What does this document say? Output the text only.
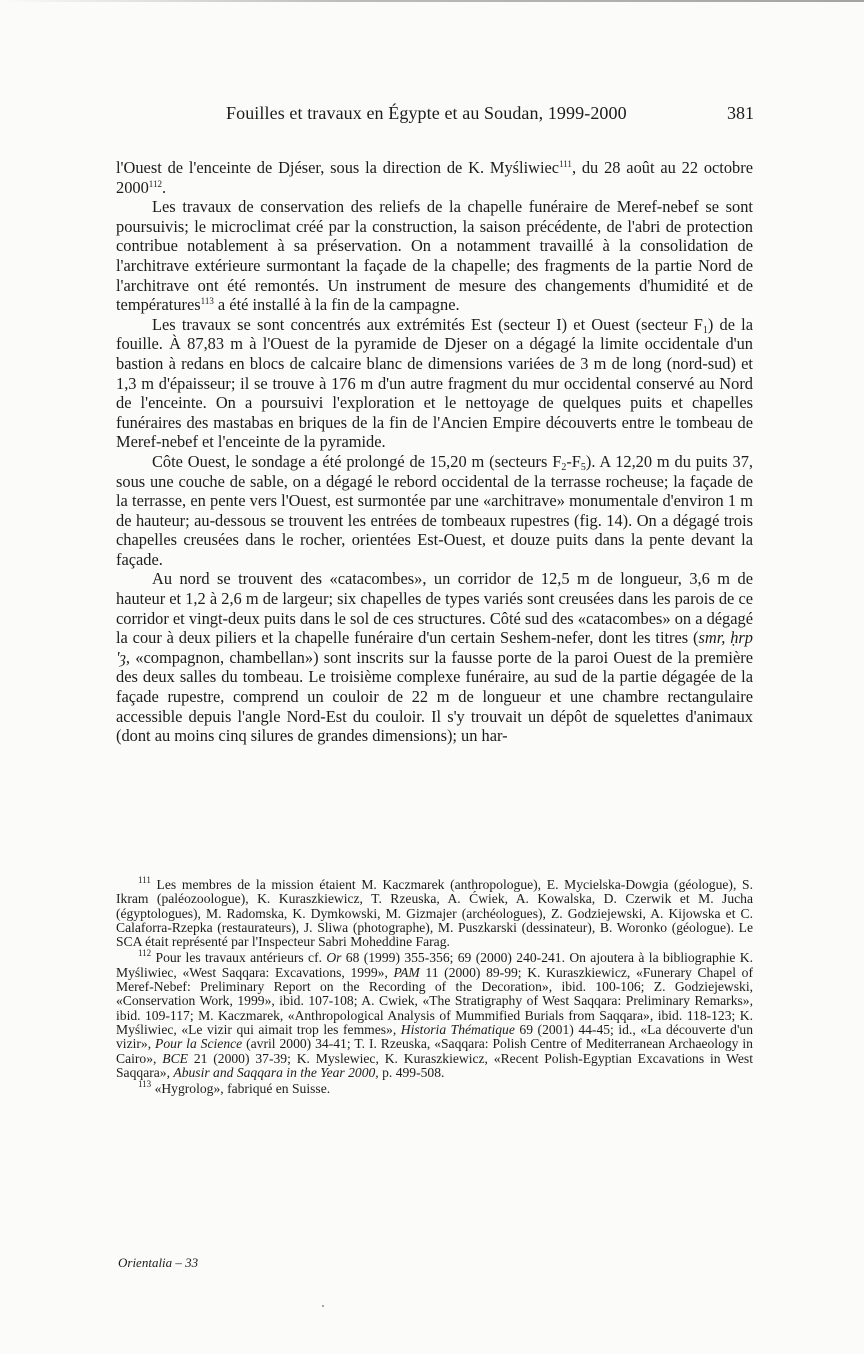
Fouilles et travaux en Égypte et au Soudan, 1999-2000	381

l'Ouest de l'enceinte de Djéser, sous la direction de K. Myśliwiec$^{111}$, du 28 août au 22 octobre 2000$^{112}$.

Les travaux de conservation des reliefs de la chapelle funéraire de Meref-nebef se sont poursuivis; le microclimat créé par la construction, la saison précédente, de l'abri de protection contribue notablement à sa préservation. On a notamment travaillé à la consolidation de l'architrave extérieure surmontant la façade de la chapelle; des fragments de la partie Nord de l'architrave ont été remontés. Un instrument de mesure des changements d'humidité et de températures$^{113}$ a été installé à la fin de la campagne.

Les travaux se sont concentrés aux extrémités Est (secteur I) et Ouest (secteur $F_1$) de la fouille. À 87,83 m à l'Ouest de la pyramide de Djeser on a dégagé la limite occidentale d'un bastion à redans en blocs de calcaire blanc de dimensions variées de 3 m de long (nord-sud) et 1,3 m d'épaisseur; il se trouve à 176 m d'un autre fragment du mur occidental conservé au Nord de l'enceinte. On a poursuivi l'exploration et le nettoyage de quelques puits et chapelles funéraires des mastabas en briques de la fin de l'Ancien Empire découverts entre le tombeau de Meref-nebef et l'enceinte de la pyramide.

Côte Ouest, le sondage a été prolongé de 15,20 m (secteurs $F_2-F_5$). A 12,20 m du puits 37, sous une couche de sable, on a dégagé le rebord occidental de la terrasse rocheuse; la façade de la terrasse, en pente vers l'Ouest, est surmontée par une «architrave» monumentale d'environ 1 m de hauteur; au-dessous se trouvent les entrées de tombeaux rupestres (fig. 14). On a dégagé trois chapelles creusées dans le rocher, orientées Est-Ouest, et douze puits dans la pente devant la façade.

Au nord se trouvent des «catacombes», un corridor de 12,5 m de longueur, 3,6 m de hauteur et 1,2 à 2,6 m de largeur; six chapelles de types variés sont creusées dans les parois de ce corridor et vingt-deux puits dans le sol de ces structures. Côté sud des «catacombes» on a dégagé la cour à deux piliers et la chapelle funéraire d'un certain Seshem-nefer, dont les titres (smr, ḥrp 'ȝ, «compagnon, chambellan») sont inscrits sur la fausse porte de la paroi Ouest de la première des deux salles du tombeau. Le troisième complexe funéraire, au sud de la partie dégagée de la façade rupestre, comprend un couloir de 22 m de longueur et une chambre rectangulaire accessible depuis l'angle Nord-Est du couloir. Il s'y trouvait un dépôt de squelettes d'animaux (dont au moins cinq silures de grandes dimensions); un har-

$^{111}$ Les membres de la mission étaient M. Kaczmarek (anthropologue), E. Mycielska-Dowgia (géologue), S. Ikram (paléozoologue), K. Kuraszkiewicz, T. Rzeuska, A. Ćwiek, A. Kowalska, D. Czerwik et M. Jucha (égyptologues), M. Radomska, K. Dymkowski, M. Gizmajer (archéologues), Z. Godziejewski, A. Kijowska et C. Calaforra-Rzepka (restaurateurs), J. Sliwa (photographe), M. Puszkarski (dessinateur), B. Woronko (géologue). Le SCA était représenté par l'Inspecteur Sabri Moheddine Farag.

$^{112}$ Pour les travaux antérieurs cf. Or 68 (1999) 355-356; 69 (2000) 240-241. On ajoutera à la bibliographie K. Myśliwiec, «West Saqqara: Excavations, 1999», PAM 11 (2000) 89-99; K. Kuraszkiewicz, «Funerary Chapel of Meref-Nebef: Preliminary Report on the Recording of the Decoration», ibid. 100-106; Z. Godziejewski, «Conservation Work, 1999», ibid. 107-108; A. Cwiek, «The Stratigraphy of West Saqqara: Preliminary Remarks», ibid. 109-117; M. Kaczmarek, «Anthropological Analysis of Mummified Burials from Saqqara», ibid. 118-123; K. Myśliwiec, «Le vizir qui aimait trop les femmes», Historia Thématique 69 (2001) 44-45; id., «La découverte d'un vizir», Pour la Science (avril 2000) 34-41; T. I. Rzeuska, «Saqqara: Polish Centre of Mediterranean Archaeology in Cairo», BCE 21 (2000) 37-39; K. Myslewiec, K. Kuraszkiewicz, «Recent Polish-Egyptian Excavations in West Saqqara», Abusir and Saqqara in the Year 2000, p. 499-508.

$^{113}$ «Hygrolog», fabriqué en Suisse.

Orientalia – 33
